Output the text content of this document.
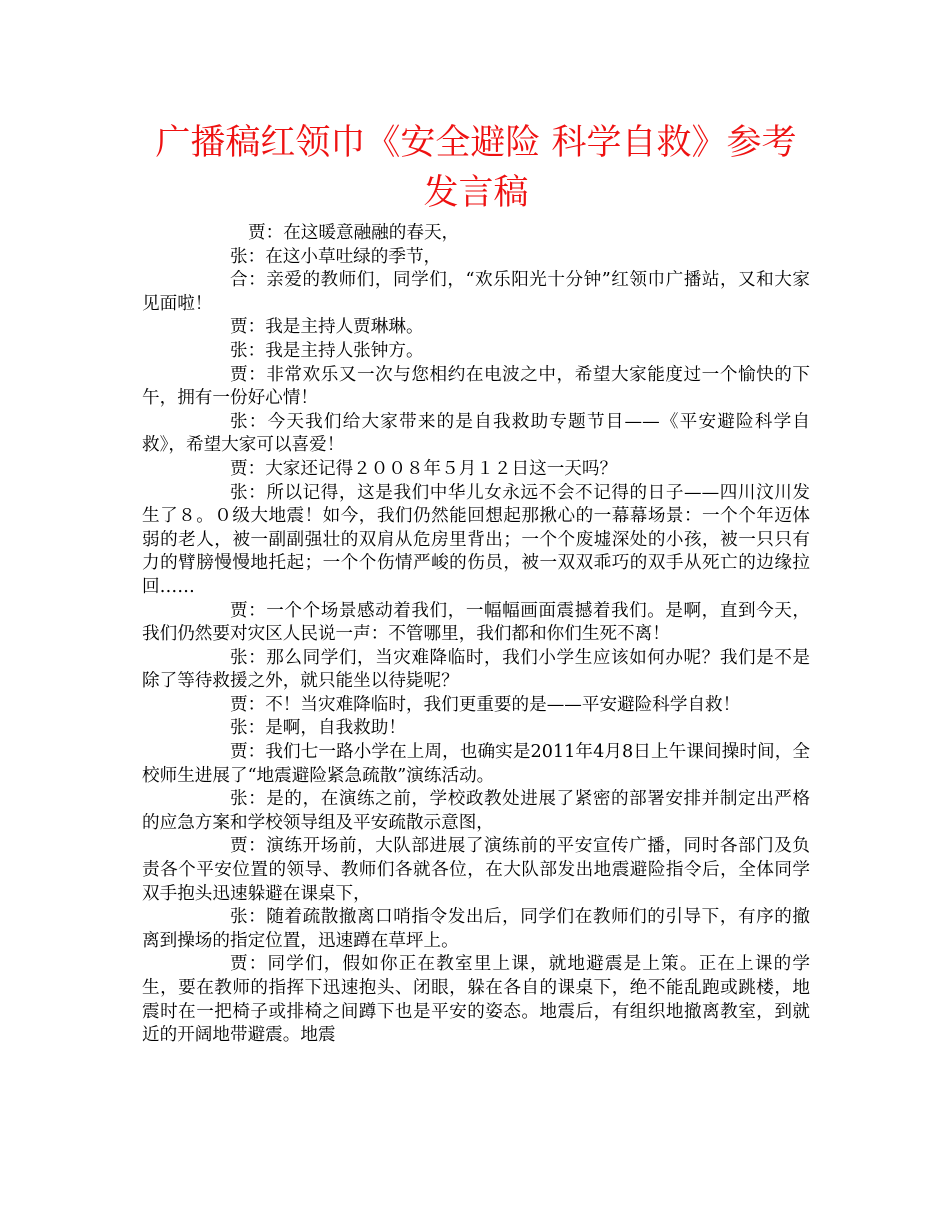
广播稿红领巾《安全避险 科学自救》参考发言稿

贾：在这暖意融融的春天，

张：在这小草吐绿的季节，

合：亲爱的教师们，同学们，“欢乐阳光十分钟”红领巾广播站，又和大家见面啦！

贾：我是主持人贾琳琳。

张：我是主持人张钟方。

贾：非常欢乐又一次与您相约在电波之中，希望大家能度过一个愉快的下午，拥有一份好心情！

张：今天我们给大家带来的是自我救助专题节目——《平安避险科学自救》，希望大家可以喜爱！

贾：大家还记得２００８年５月１２日这一天吗？

张：所以记得，这是我们中华儿女永远不会不记得的日子——四川汶川发生了８。０级大地震！如今，我们仍然能回想起那揪心的一幕幕场景：一个个年迈体弱的老人，被一副副强壮的双肩从危房里背出；一个个废墟深处的小孩，被一只只有力的臂膀慢慢地托起；一个个伤情严峻的伤员，被一双双乖巧的双手从死亡的边缘拉回……

贾：一个个场景感动着我们，一幅幅画面震撼着我们。是啊，直到今天，我们仍然要对灾区人民说一声：不管哪里，我们都和你们生死不离！

张：那么同学们，当灾难降临时，我们小学生应该如何办呢？我们是不是除了等待救援之外，就只能坐以待毙呢？

贾：不！当灾难降临时，我们更重要的是——平安避险科学自救！

张：是啊，自我救助！

贾：我们七一路小学在上周，也确实是2011年4月8日上午课间操时间，全校师生进展了“地震避险紧急疏散”演练活动。

张：是的，在演练之前，学校政教处进展了紧密的部署安排并制定出严格的应急方案和学校领导组及平安疏散示意图，

贾：演练开场前，大队部进展了演练前的平安宣传广播，同时各部门及负责各个平安位置的领导、教师们各就各位，在大队部发出地震避险指令后，全体同学双手抱头迅速躲避在课桌下，

张：随着疏散撤离口哨指令发出后，同学们在教师们的引导下，有序的撤离到操场的指定位置，迅速蹲在草坪上。

贾：同学们，假如你正在教室里上课，就地避震是上策。正在上课的学生，要在教师的指挥下迅速抱头、闭眼，躲在各自的课桌下，绝不能乱跑或跳楼，地震时在一把椅子或排椅之间蹲下也是平安的姿态。地震后，有组织地撤离教室，到就近的开阔地带避震。地震
